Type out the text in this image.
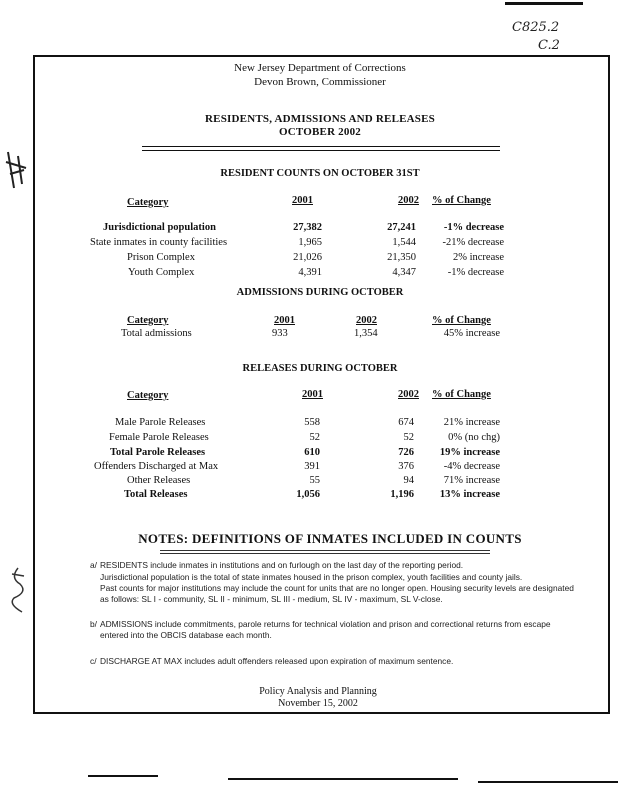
C825.2
C.2
New Jersey Department of Corrections
Devon Brown, Commissioner
RESIDENTS, ADMISSIONS AND RELEASES
OCTOBER 2002
RESIDENT COUNTS ON OCTOBER 31ST
Category	2001	2002 % of Change
Jurisdictional population	27,382	27,241	-1% decrease
State inmates in county facilities	1,965	1,544	-21% decrease
Prison Complex	21,026	21,350	2% increase
Youth Complex	4,391	4,347	-1% decrease
ADMISSIONS DURING OCTOBER
Category	2001	2002	% of Change
Total admissions	933	1,354	45% increase
RELEASES DURING OCTOBER
Category	2001	2002 % of Change
Male Parole Releases	558	674	21% increase
Female Parole Releases	52	52	0% (no chg)
Total Parole Releases	610	726	19% increase
Offenders Discharged at Max	391	376	-4% decrease
Other Releases	55	94	71% increase
Total Releases	1,056	1,196	13% increase
NOTES: DEFINITIONS OF INMATES INCLUDED IN COUNTS
a/ RESIDENTS include inmates in institutions and on furlough on the last day of the reporting period.
Jurisdictional population is the total of state inmates housed in the prison complex, youth facilities and county jails.
Past counts for major institutions may include the count for units that are no longer open. Housing security levels are designated
as follows: SL I - community, SL II - minimum, SL III - medium, SL IV - maximum, SL V-close.
b/ ADMISSIONS include commitments, parole returns for technical violation and prison and correctional returns from escape
entered into the OBCIS database each month.
c/ DISCHARGE AT MAX includes adult offenders released upon expiration of maximum sentence.
Policy Analysis and Planning
November 15, 2002
